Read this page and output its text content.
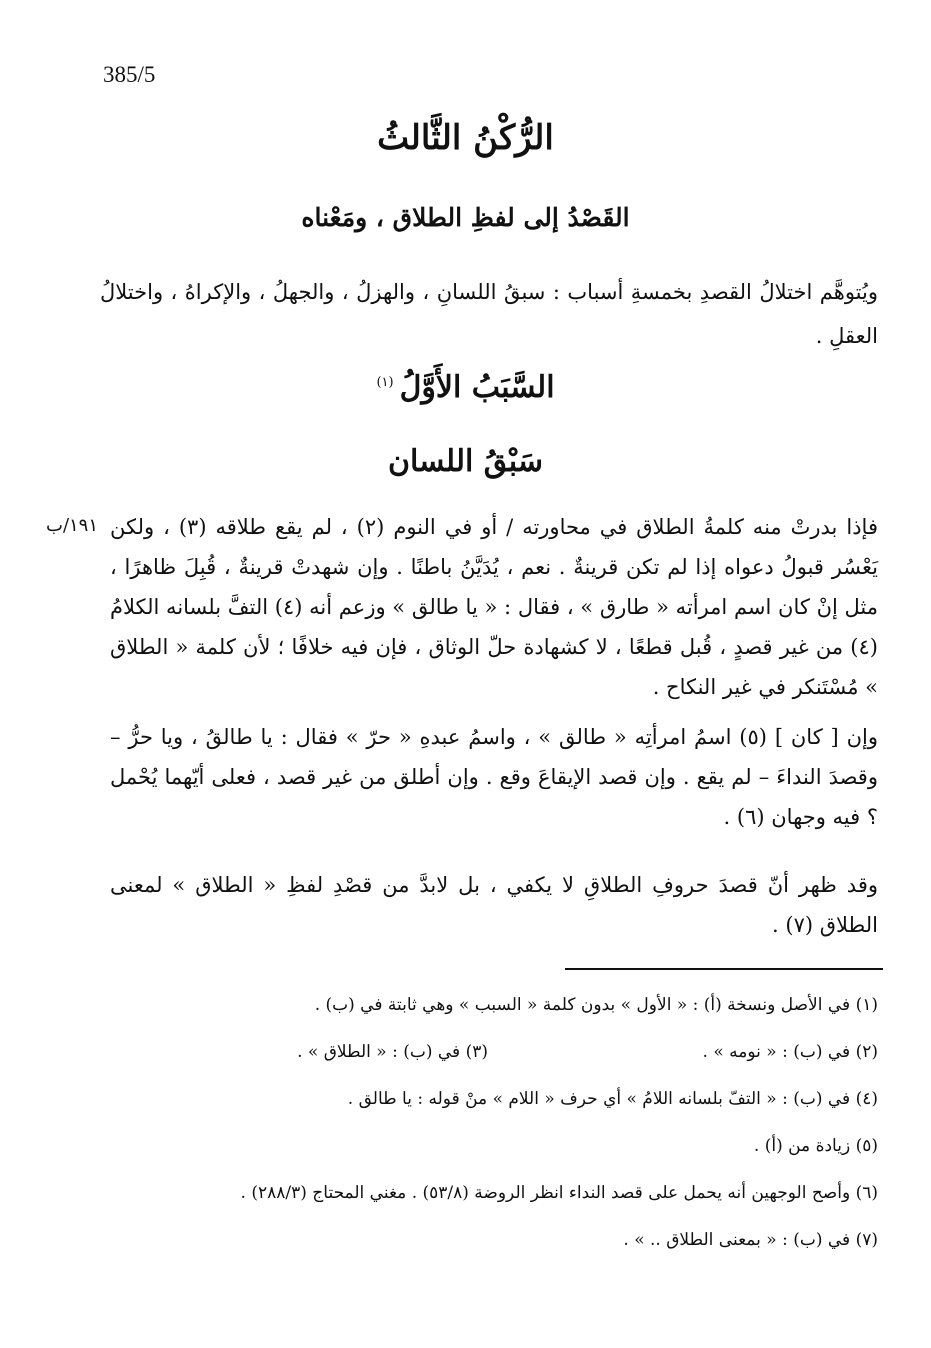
385/5
الرُّكْنُ الثَّالثُ
القَصْدُ إلى لفظِ الطلاق ، ومَعْناه

ويُتوهَّم اختلالُ القصدِ بخمسةِ أسباب : سبقُ اللسانِ ، والهزلُ ، والجهلُ ، والإكراهُ ، واختلالُ العقلِ .

السَّبَبُ الأَوَّلُ$^{(١)}$
سَبْقُ اللسان
١٩١/ب فإذا بدرتْ منه كلمةُ الطلاق في محاورته / أو في النوم (٢) ، لم يقع طلاقه (٣) ، ولكن يَعْسُر قبولُ دعواه إذا لم تكن قرينةٌ . نعم ، يُدَيَّنُ باطنًا . وإن شهدتْ قرينةٌ ، قُبِلَ ظاهرًا ، مثل إنْ كان اسم امرأته « طارق » ، فقال : « يا طالق » وزعم أنه (٤) التفَّ بلسانه الكلامُ (٤) من غير قصدٍ ، قُبل قطعًا ، لا كشهادة حلّ الوثاق ، فإن فيه خلافًا ؛ لأن كلمة « الطلاق » مُسْتَنكر في غير النكاح .

وإن [ كان ] (٥) اسمُ امرأتِه « طالق » ، واسمُ عبدهِ « حرّ » فقال : يا طالقُ ، ويا حرُّ – وقصدَ النداءَ – لم يقع . وإن قصد الإيقاعَ وقع . وإن أطلق من غير قصد ، فعلى أيّهما يُحْمل ؟ فيه وجهان (٦) .

وقد ظهر أنّ قصدَ حروفِ الطلاقِ لا يكفي ، بل لابدَّ من قصْدِ لفظِ « الطلاق » لمعنى الطلاق (٧) .

(١) في الأصل ونسخة (أ) : « الأول » بدون كلمة « السبب » وهي ثابتة في (ب) .
(٢) في (ب) : « نومه » .
(٣) في (ب) : « الطلاق » .
(٤) في (ب) : « التفّ بلسانه اللامُ » أي حرف « اللام » منْ قوله : يا طالق .
(٥) زيادة من (أ) .
(٦) وأصح الوجهين أنه يحمل على قصد النداء انظر الروضة (٥٣/٨) . مغني المحتاج (٢٨٨/٣) .
(٧) في (ب) : « بمعنى الطلاق .. » .
